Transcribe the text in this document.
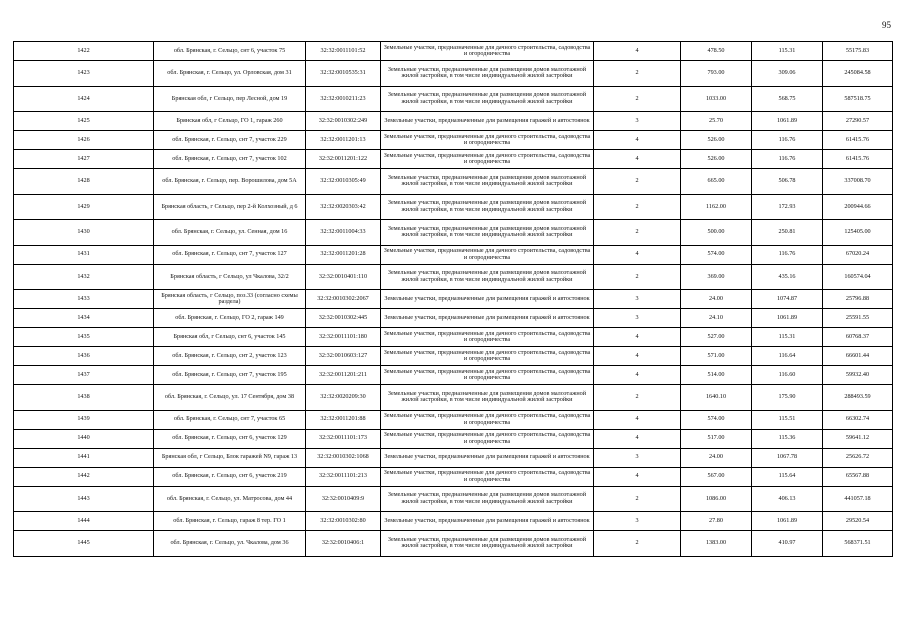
95
1422	обл. Брянская, г. Сельцо, снт 6, участок 75	32:32:0011101:52	Земельные участки, предназначенные для дачного строительства, садоводства и огородничества	4	478.50	115.31	55175.83
1423	обл. Брянская, г. Сельцо, ул. Орловская, дом 31	32:32:0010535:31	Земельные участки, предназначенные для размещения домов малоэтажной жилой застройки, в том числе индивидуальной жилой застройки	2	793.00	309.06	245084.58
1424	Брянская обл, г Сельцо, пер Лесной, дом 19	32:32:0010211:23	Земельные участки, предназначенные для размещения домов малоэтажной жилой застройки, в том числе индивидуальной жилой застройки	2	1033.00	568.75	587518.75
1425	Брянская обл, г Сельцо, ГО 1, гараж 260	32:32:0010302:249	Земельные участки, предназначенные для размещения гаражей и автостоянок	3	25.70	1061.89	27290.57
1426	обл. Брянская, г. Сельцо, снт 7, участок 229	32:32:0011201:13	Земельные участки, предназначенные для дачного строительства, садоводства и огородничества	4	526.00	116.76	61415.76
1427	обл. Брянская, г. Сельцо, снт 7, участок 102	32:32:0011201:122	Земельные участки, предназначенные для дачного строительства, садоводства и огородничества	4	526.00	116.76	61415.76
1428	обл. Брянская, г. Сельцо, пер. Ворошилова, дом 5А	32:32:0010305:49	Земельные участки, предназначенные для размещения домов малоэтажной жилой застройки, в том числе индивидуальной жилой застройки	2	665.00	506.78	337008.70
1429	Брянская область, г Сельцо, пер 2-й Колхозный, д 6	32:32:0020303:42	Земельные участки, предназначенные для размещения домов малоэтажной жилой застройки, в том числе индивидуальной жилой застройки	2	1162.00	172.93	200944.66
1430	обл. Брянская, г. Сельцо, ул. Сенная, дом 16	32:32:0011004:33	Земельные участки, предназначенные для размещения домов малоэтажной жилой застройки, в том числе индивидуальной жилой застройки	2	500.00	250.81	125405.00
1431	обл. Брянская, г. Сельцо, снт 7, участок 127	32:32:0011201:28	Земельные участки, предназначенные для дачного строительства, садоводства и огородничества	4	574.00	116.76	67020.24
1432	Брянская область, г Сельцо, ул Чкалова, 32/2	32:32:0010401:110	Земельные участки, предназначенные для размещения домов малоэтажной жилой застройки, в том числе индивидуальной жилой застройки	2	369.00	435.16	160574.04
1433	Брянская область, г Сельцо, поз.33 (согласно схемы раздела)	32:32:0010302:2067	Земельные участки, предназначенные для размещения гаражей и автостоянок	3	24.00	1074.87	25796.88
1434	обл. Брянская, г. Сельцо, ГО 2, гараж 149	32:32:0010302:445	Земельные участки, предназначенные для размещения гаражей и автостоянок	3	24.10	1061.89	25591.55
1435	Брянская обл, г Сельцо, снт 6, участок 145	32:32:0011101:180	Земельные участки, предназначенные для дачного строительства, садоводства и огородничества	4	527.00	115.31	60768.37
1436	обл. Брянская, г. Сельцо, снт 2, участок 123	32:32:0010603:127	Земельные участки, предназначенные для дачного строительства, садоводства и огородничества	4	571.00	116.64	66601.44
1437	обл. Брянская, г. Сельцо, снт 7, участок 195	32:32:0011201:211	Земельные участки, предназначенные для дачного строительства, садоводства и огородничества	4	514.00	116.60	59932.40
1438	обл. Брянская, г. Сельцо, ул. 17 Сентября, дом 38	32:32:0020209:30	Земельные участки, предназначенные для размещения домов малоэтажной жилой застройки, в том числе индивидуальной жилой застройки	2	1640.10	175.90	288493.59
1439	обл. Брянская, г. Сельцо, снт 7, участок 65	32:32:0011201:88	Земельные участки, предназначенные для дачного строительства, садоводства и огородничества	4	574.00	115.51	66302.74
1440	обл. Брянская, г. Сельцо, снт 6, участок 129	32:32:0011101:173	Земельные участки, предназначенные для дачного строительства, садоводства и огородничества	4	517.00	115.36	59641.12
1441	Брянская обл, г Сельцо, Блок гаражей N9, гараж 13	32:32:0010302:1068	Земельные участки, предназначенные для размещения гаражей и автостоянок	3	24.00	1067.78	25626.72
1442	обл. Брянская, г. Сельцо, снт 6, участок 219	32:32:0011101:213	Земельные участки, предназначенные для дачного строительства, садоводства и огородничества	4	567.00	115.64	65567.88
1443	обл. Брянская, г. Сельцо, ул. Матросова, дом 44	32:32:0010409:9	Земельные участки, предназначенные для размещения домов малоэтажной жилой застройки, в том числе индивидуальной жилой застройки	2	1086.00	406.13	441057.18
1444	обл. Брянская, г. Сельцо, гараж 8 тер. ГО 1	32:32:0010302:80	Земельные участки, предназначенные для размещения гаражей и автостоянок	3	27.80	1061.89	29520.54
1445	обл. Брянская, г. Сельцо, ул. Чкалова, дом 36	32:32:0010406:1	Земельные участки, предназначенные для размещения домов малоэтажной жилой застройки, в том числе индивидуальной жилой застройки	2	1383.00	410.97	568371.51
